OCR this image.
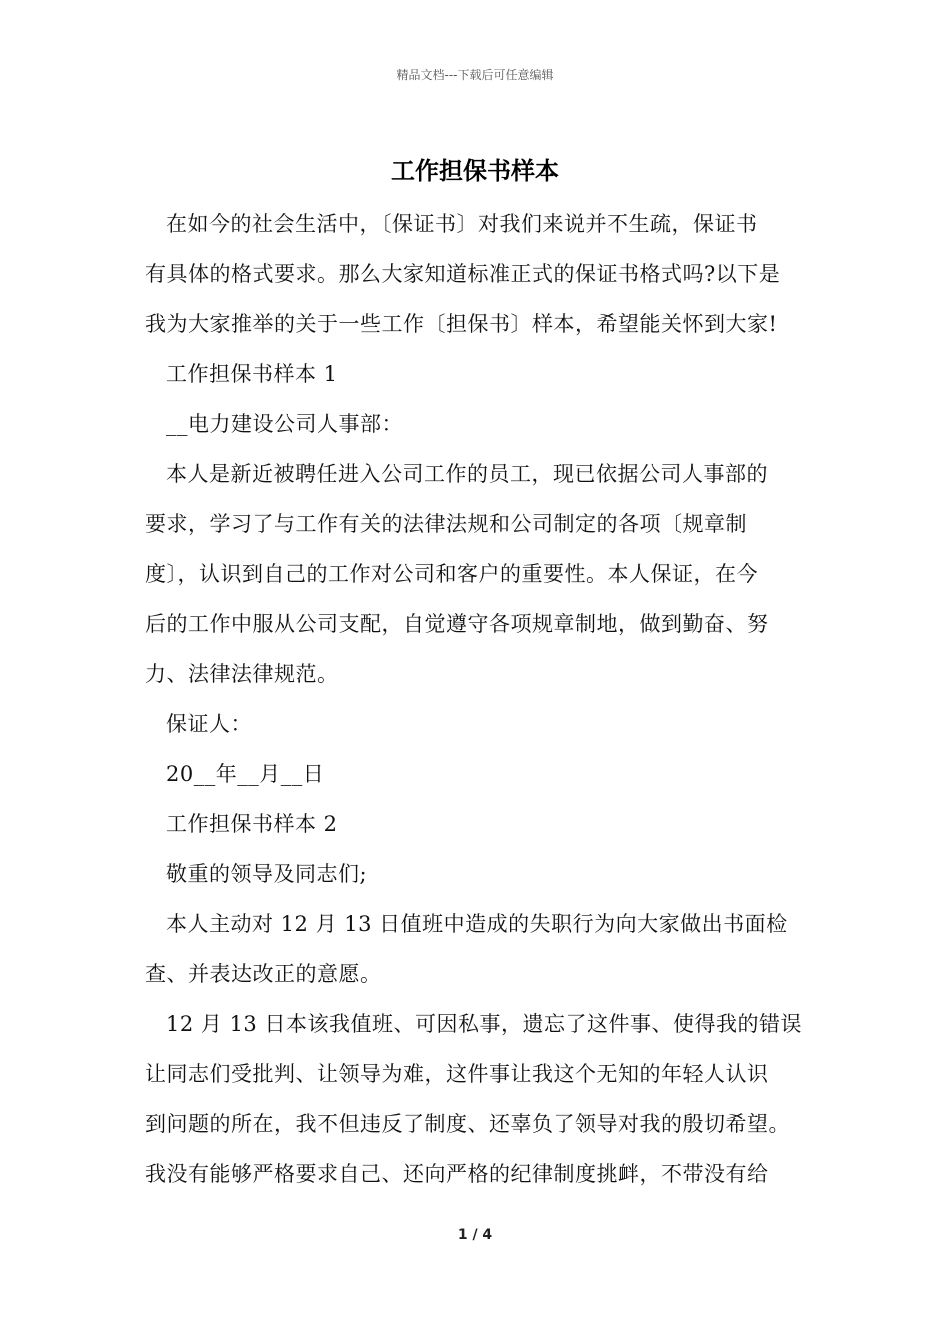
精品文档---下载后可任意编辑
工作担保书样本
在如今的社会生活中，〔保证书〕对我们来说并不生疏，保证书
有具体的格式要求。那么大家知道标准正式的保证书格式吗?以下是
我为大家推举的关于一些工作〔担保书〕样本，希望能关怀到大家!
工作担保书样本 1
__电力建设公司人事部：
本人是新近被聘任进入公司工作的员工，现已依据公司人事部的
要求，学习了与工作有关的法律法规和公司制定的各项〔规章制
度〕，认识到自己的工作对公司和客户的重要性。本人保证，在今
后的工作中服从公司支配，自觉遵守各项规章制地，做到勤奋、努
力、法律法律规范。
保证人：
20__年__月__日
工作担保书样本 2
敬重的领导及同志们;
本人主动对 12 月 13 日值班中造成的失职行为向大家做出书面检
查、并表达改正的意愿。
12 月 13 日本该我值班、可因私事，遗忘了这件事、使得我的错误
让同志们受批判、让领导为难，这件事让我这个无知的年轻人认识
到问题的所在，我不但违反了制度、还辜负了领导对我的殷切希望。
我没有能够严格要求自己、还向严格的纪律制度挑衅，不带没有给
1 / 4
